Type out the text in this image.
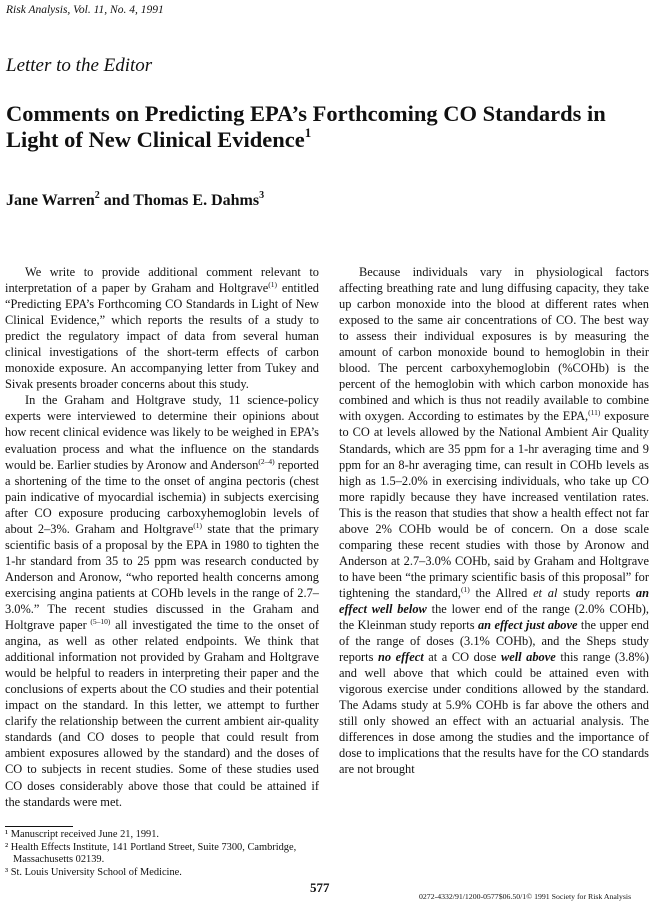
Risk Analysis, Vol. 11, No. 4, 1991
Letter to the Editor
Comments on Predicting EPA’s Forthcoming CO Standards in Light of New Clinical Evidence$^1$
Jane Warren$^2$ and Thomas E. Dahms$^3$

We write to provide additional comment relevant to interpretation of a paper by Graham and Holtgrave$^{(1)}$ entitled “Predicting EPA’s Forthcoming CO Standards in Light of New Clinical Evidence,” which reports the results of a study to predict the regulatory impact of data from several human clinical investigations of the short-term effects of carbon monoxide exposure. An accompanying letter from Tukey and Sivak presents broader concerns about this study.

In the Graham and Holtgrave study, 11 science-policy experts were interviewed to determine their opinions about how recent clinical evidence was likely to be weighed in EPA’s evaluation process and what the influence on the standards would be. Earlier studies by Aronow and Anderson$^{(2-4)}$ reported a shortening of the time to the onset of angina pectoris (chest pain indicative of myocardial ischemia) in subjects exercising after CO exposure producing carboxyhemoglobin levels of about 2–3%. Graham and Holtgrave$^{(1)}$ state that the primary scientific basis of a proposal by the EPA in 1980 to tighten the 1-hr standard from 35 to 25 ppm was research conducted by Anderson and Aronow, “who reported health concerns among exercising angina patients at COHb levels in the range of 2.7–3.0%.” The recent studies discussed in the Graham and Holtgrave paper $^{(5-10)}$ all investigated the time to the onset of angina, as well as other related endpoints. We think that additional information not provided by Graham and Holtgrave would be helpful to readers in interpreting their paper and the conclusions of experts about the CO studies and their potential impact on the standard. In this letter, we attempt to further clarify the relationship between the current ambient air-quality standards (and CO doses to people that could result from ambient exposures allowed by the standard) and the doses of CO to subjects in recent studies. Some of these studies used CO doses considerably above those that could be attained if the standards were met.

Because individuals vary in physiological factors affecting breathing rate and lung diffusing capacity, they take up carbon monoxide into the blood at different rates when exposed to the same air concentrations of CO. The best way to assess their individual exposures is by measuring the amount of carbon monoxide bound to hemoglobin in their blood. The percent carboxyhemoglobin (%COHb) is the percent of the hemoglobin with which carbon monoxide has combined and which is thus not readily available to combine with oxygen. According to estimates by the EPA,$^{(11)}$ exposure to CO at levels allowed by the National Ambient Air Quality Standards, which are 35 ppm for a 1-hr averaging time and 9 ppm for an 8-hr averaging time, can result in COHb levels as high as 1.5–2.0% in exercising individuals, who take up CO more rapidly because they have increased ventilation rates. This is the reason that studies that show a health effect not far above 2% COHb would be of concern. On a dose scale comparing these recent studies with those by Aronow and Anderson at 2.7–3.0% COHb, said by Graham and Holtgrave to have been “the primary scientific basis of this proposal” for tightening the standard,$^{(1)}$ the Allred et al study reports an effect well below the lower end of the range (2.0% COHb), the Kleinman study reports an effect just above the upper end of the range of doses (3.1% COHb), and the Sheps study reports no effect at a CO dose well above this range (3.8%) and well above that which could be attained even with vigorous exercise under conditions allowed by the standard. The Adams study at 5.9% COHb is far above the others and still only showed an effect with an actuarial analysis. The differences in dose among the studies and the importance of dose to implications that the results have for the CO standards are not brought

¹ Manuscript received June 21, 1991.
² Health Effects Institute, 141 Portland Street, Suite 7300, Cambridge, Massachusetts 02139.
³ St. Louis University School of Medicine.
577
0272-4332/91/1200-0577$06.50/1© 1991 Society for Risk Analysis
